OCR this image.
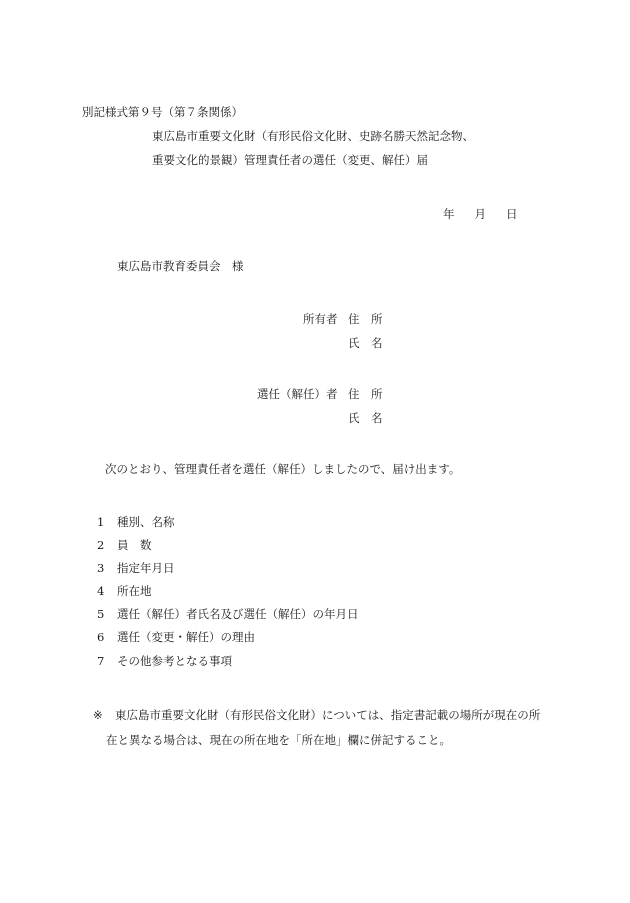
別記様式第９号（第７条関係）
東広島市重要文化財（有形民俗文化財、史跡名勝天然記念物、
重要文化的景観）管理責任者の選任（変更、解任）届
年 月 日
東広島市教育委員会　様
所有者 住　所
氏　名
選任（解任）者 住　所
氏　名
次のとおり、管理責任者を選任（解任）しましたので、届け出ます。
1 種別、名称
2 員　数
3 指定年月日
4 所在地
5 選任（解任）者氏名及び選任（解任）の年月日
6 選任（変更・解任）の理由
7 その他参考となる事項
※ 東広島市重要文化財（有形民俗文化財）については、指定書記載の場所が現在の所
在と異なる場合は、現在の所在地を「所在地」欄に併記すること。
